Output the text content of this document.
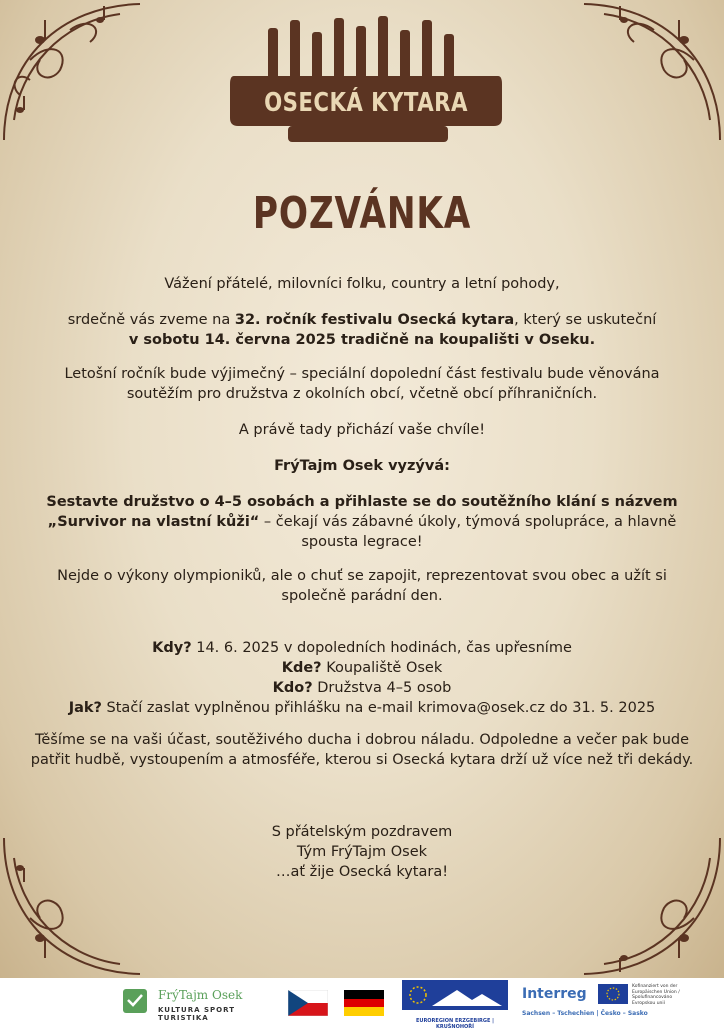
OSECKÁ KYTARA
POZVÁNKA
Vážení přátelé, milovníci folku, country a letní pohody,
srdečně vás zveme na 32. ročník festivalu Osecká kytara, který se uskuteční
v sobotu 14. června 2025 tradičně na koupališti v Oseku.
Letošní ročník bude výjimečný – speciální dopolední část festivalu bude věnována soutěžím pro družstva z okolních obcí, včetně obcí příhraničních.
A právě tady přichází vaše chvíle!
FrýTajm Osek vyzývá:
Sestavte družstvo o 4–5 osobách a přihlaste se do soutěžního klání s názvem
„Survivor na vlastní kůži“ – čekají vás zábavné úkoly, týmová spolupráce, a hlavně spousta legrace!
Nejde o výkony olympioniků, ale o chuť se zapojit, reprezentovat svou obec a užít si společně parádní den.
Kdy? 14. 6. 2025 v dopoledních hodinách, čas upřesníme
Kde? Koupaliště Osek
Kdo? Družstva 4–5 osob
Jak? Stačí zaslat vyplněnou přihlášku na e-mail krimova@osek.cz do 31. 5. 2025
Těšíme se na vaši účast, soutěživého ducha i dobrou náladu. Odpoledne a večer pak bude patřit hudbě, vystoupením a atmosféře, kterou si Osecká kytara drží už více než tři dekády.
S přátelským pozdravem
Tým FrýTajm Osek
…ať žije Osecká kytara!
FrýTajm Osek
KULTURA SPORT TURISTIKA	EUROREGION ERZGEBIRGE | KRUŠNOHOŘÍ
Interreg	Kofinanziert von der Europäischen Union / Spolufinancováno Evropskou unií
Sachsen – Tschechien | Česko – Sasko
